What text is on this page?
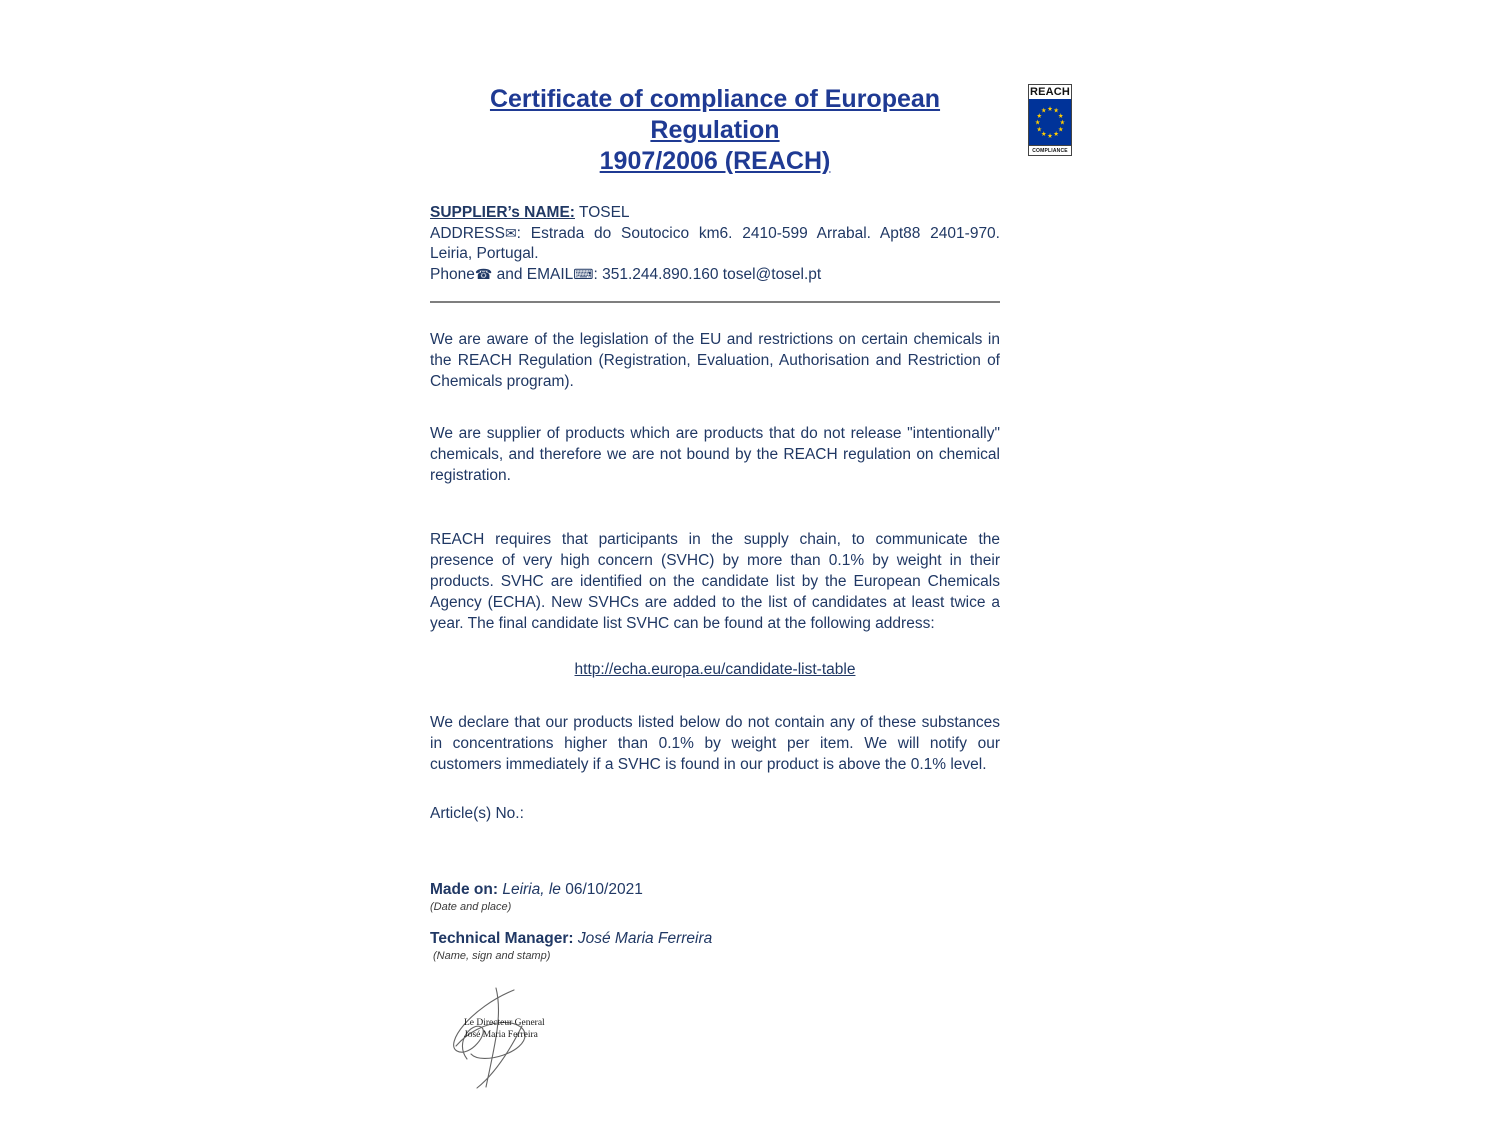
REACH
★ ★
★
★
★
★
★
★
★
★
★
★
COMPLIANCE
Certificate of compliance of European Regulation
1907/2006 (REACH)
SUPPLIER’s NAME: TOSEL
ADDRESS✉: Estrada do Soutocico km6. 2410-599 Arrabal. Apt88 2401-970. Leiria, Portugal.
Phone☎ and EMAIL⌨: 351.244.890.160 tosel@tosel.pt

We are aware of the legislation of the EU and restrictions on certain chemicals in the REACH Regulation (Registration, Evaluation, Authorisation and Restriction of Chemicals program).

We are supplier of products which are products that do not release "intentionally" chemicals, and therefore we are not bound by the REACH regulation on chemical registration.

REACH requires that participants in the supply chain, to communicate the presence of very high concern (SVHC) by more than 0.1% by weight in their products. SVHC are identified on the candidate list by the European Chemicals Agency (ECHA). New SVHCs are added to the list of candidates at least twice a year. The final candidate list SVHC can be found at the following address:

http://echa.europa.eu/candidate-list-table

We declare that our products listed below do not contain any of these substances in concentrations higher than 0.1% by weight per item. We will notify our customers immediately if a SVHC is found in our product is above the 0.1% level.

Article(s) No.:
Made on: Leiria, le 06/10/2021
(Date and place)
Technical Manager: José Maria Ferreira
(Name, sign and stamp)
Le Directeur General
José Maria Ferreira
